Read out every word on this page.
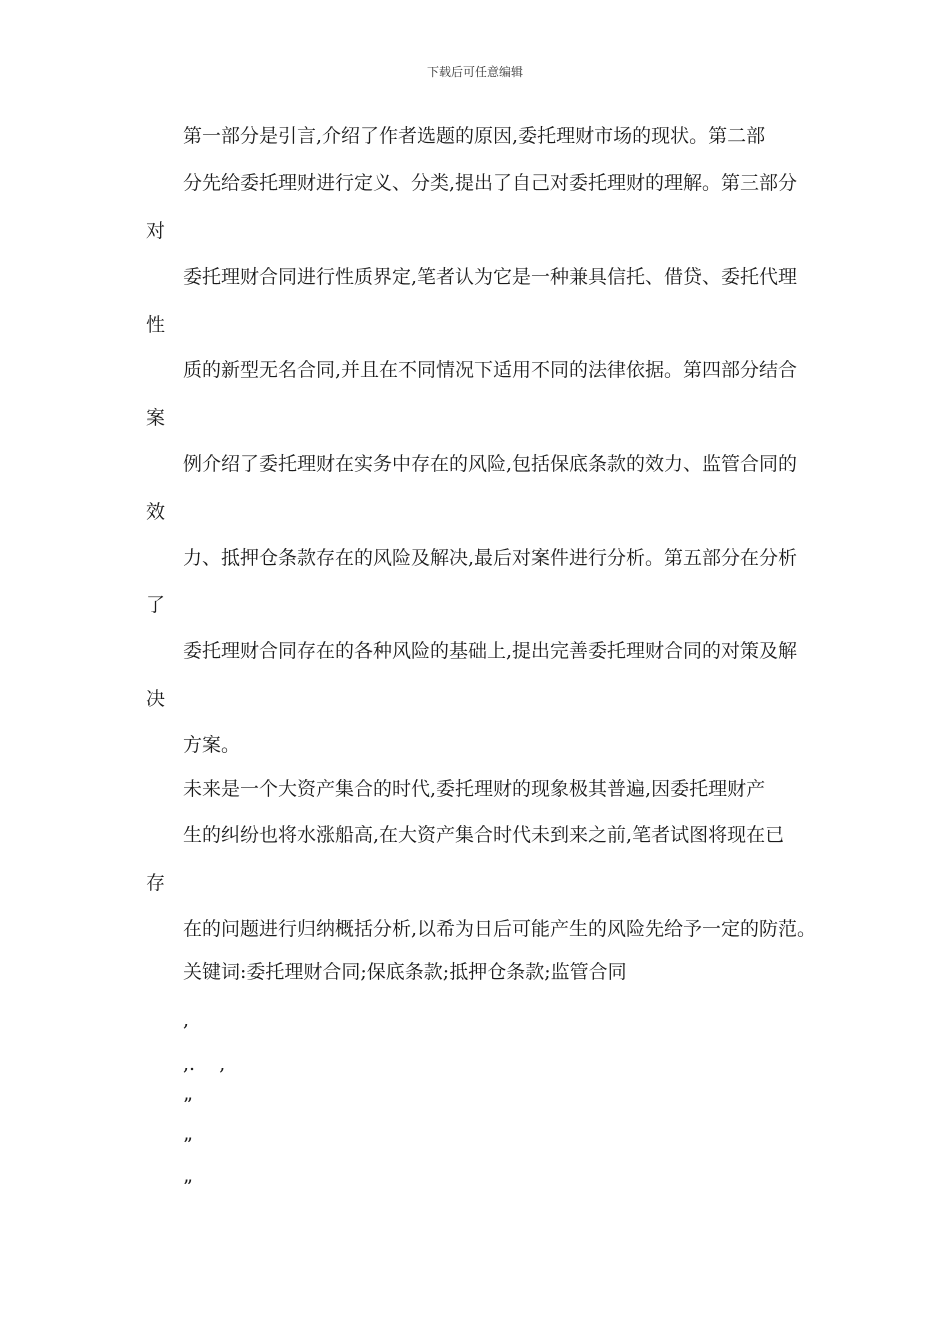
下载后可任意编辑
第一部分是引言,介绍了作者选题的原因,委托理财市场的现状。第二部
分先给委托理财进行定义、分类,提出了自己对委托理财的理解。第三部分
对
委托理财合同进行性质界定,笔者认为它是一种兼具信托、借贷、委托代理
性
质的新型无名合同,并且在不同情况下适用不同的法律依据。第四部分结合
案
例介绍了委托理财在实务中存在的风险,包括保底条款的效力、监管合同的
效
力、抵押仓条款存在的风险及解决,最后对案件进行分析。第五部分在分析
了
委托理财合同存在的各种风险的基础上,提出完善委托理财合同的对策及解
决
方案。
未来是一个大资产集合的时代,委托理财的现象极其普遍,因委托理财产
生的纠纷也将水涨船高,在大资产集合时代未到来之前,笔者试图将现在已
存
在的问题进行归纳概括分析,以希为日后可能产生的风险先给予一定的防范。
关键词:委托理财合同;保底条款;抵押仓条款;监管合同
,
,.    ,
”
”
”
